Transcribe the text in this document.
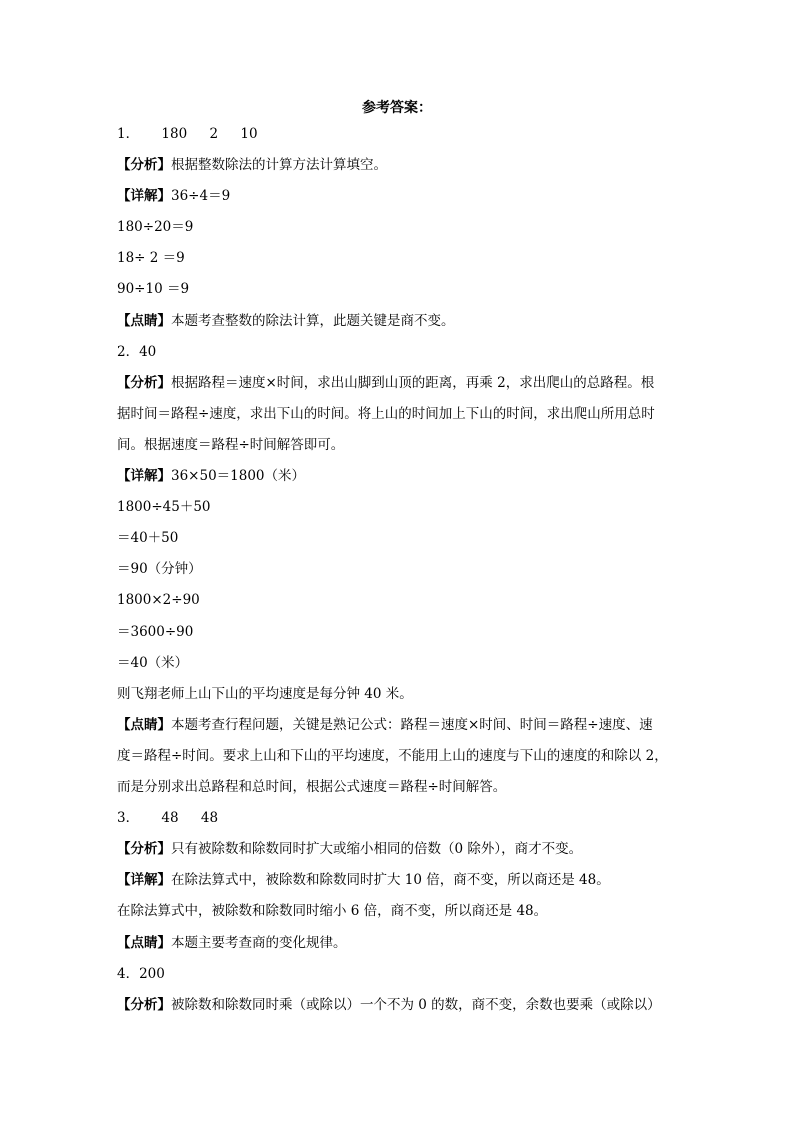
参考答案：
1． 180 2 10
【分析】根据整数除法的计算方法计算填空。
【详解】36÷4＝9
180÷20＝9
18÷ 2 ＝9
90÷10 ＝9
【点睛】本题考查整数的除法计算，此题关键是商不变。
2．40
【分析】根据路程＝速度×时间，求出山脚到山顶的距离，再乘 2，求出爬山的总路程。根
据时间＝路程÷速度，求出下山的时间。将上山的时间加上下山的时间，求出爬山所用总时
间。根据速度＝路程÷时间解答即可。
【详解】36×50＝1800（米）
1800÷45＋50
＝40＋50
＝90（分钟）
1800×2÷90
＝3600÷90
＝40（米）
则飞翔老师上山下山的平均速度是每分钟 40 米。
【点睛】本题考查行程问题，关键是熟记公式：路程＝速度×时间、时间＝路程÷速度、速
度＝路程÷时间。要求上山和下山的平均速度，不能用上山的速度与下山的速度的和除以 2，
而是分别求出总路程和总时间，根据公式速度＝路程÷时间解答。
3． 48 48
【分析】只有被除数和除数同时扩大或缩小相同的倍数（0 除外），商才不变。
【详解】在除法算式中，被除数和除数同时扩大 10 倍，商不变，所以商还是 48。
在除法算式中，被除数和除数同时缩小 6 倍，商不变，所以商还是 48。
【点睛】本题主要考查商的变化规律。
4．200
【分析】被除数和除数同时乘（或除以）一个不为 0 的数，商不变，余数也要乘（或除以）
